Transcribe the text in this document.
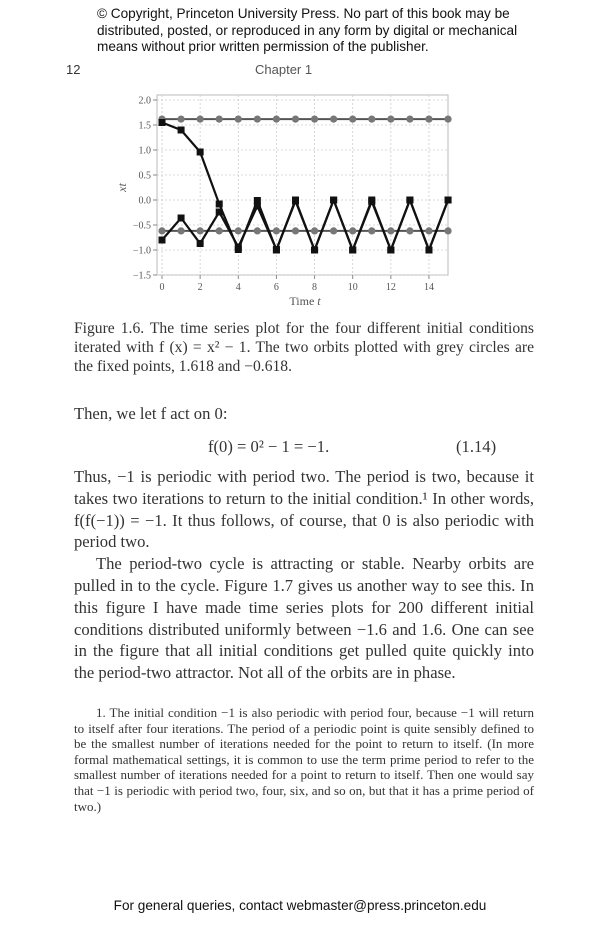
© Copyright, Princeton University Press. No part of this book may be distributed, posted, or reproduced in any form by digital or mechanical means without prior written permission of the publisher.
12	Chapter 1
0	2	4	6	8	10	12	14
2.0
1.5
1.0
0.5
0.0
−0.5
−1.0
−1.5
xt
Time t
Figure 1.6. The time series plot for the four different initial conditions iterated with f (x) = x² − 1. The two orbits plotted with grey circles are the fixed points, 1.618 and −0.618.
Then, we let f act on 0:
f(0) = 0² − 1 = −1.	(1.14)

Thus, −1 is periodic with period two. The period is two, because it takes two iterations to return to the initial condition.¹ In other words, f(f(−1)) = −1. It thus follows, of course, that 0 is also periodic with period two.

The period-two cycle is attracting or stable. Nearby orbits are pulled in to the cycle. Figure 1.7 gives us another way to see this. In this figure I have made time series plots for 200 different initial conditions distributed uniformly between −1.6 and 1.6. One can see in the figure that all initial conditions get pulled quite quickly into the period-two attractor. Not all of the orbits are in phase.

1. The initial condition −1 is also periodic with period four, because −1 will return to itself after four iterations. The period of a periodic point is quite sensibly defined to be the smallest number of iterations needed for the point to return to itself. (In more formal mathematical settings, it is common to use the term prime period to refer to the smallest number of iterations needed for a point to return to itself. Then one would say that −1 is periodic with period two, four, six, and so on, but that it has a prime period of two.)

For general queries, contact webmaster@press.princeton.edu
